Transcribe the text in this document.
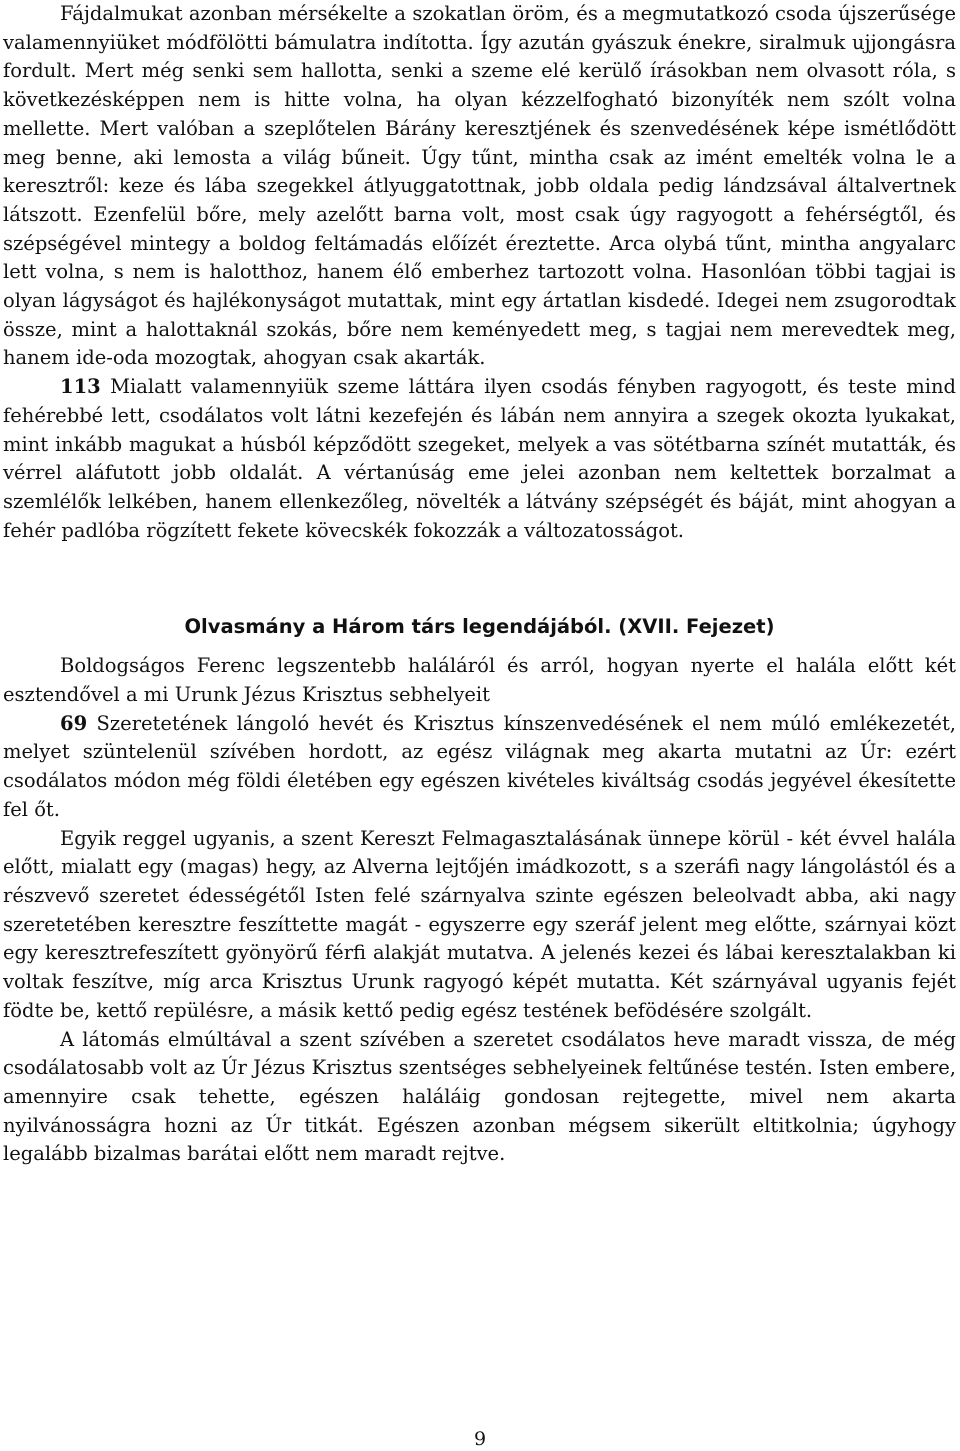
Fájdalmukat azonban mérsékelte a szokatlan öröm, és a megmutatkozó csoda újszerűsége valamennyiüket módfölötti bámulatra indította. Így azután gyászuk énekre, siralmuk ujjongásra fordult. Mert még senki sem hallotta, senki a szeme elé kerülő írásokban nem olvasott róla, s következésképpen nem is hitte volna, ha olyan kézzelfogható bizonyíték nem szólt volna mellette. Mert valóban a szeplőtelen Bárány keresztjének és szenvedésének képe ismétlődött meg benne, aki lemosta a világ bűneit. Úgy tűnt, mintha csak az imént emelték volna le a keresztről: keze és lába szegekkel átlyuggatottnak, jobb oldala pedig lándzsával általvertnek látszott. Ezenfelül bőre, mely azelőtt barna volt, most csak úgy ragyogott a fehérségtől, és szépségével mintegy a boldog feltámadás előízét éreztette. Arca olybá tűnt, mintha angyalarc lett volna, s nem is halotthoz, hanem élő emberhez tartozott volna. Hasonlóan többi tagjai is olyan lágyságot és hajlékonyságot mutattak, mint egy ártatlan kisdedé. Idegei nem zsugorodtak össze, mint a halottaknál szokás, bőre nem keményedett meg, s tagjai nem merevedtek meg, hanem ide-oda mozogtak, ahogyan csak akarták.

113 Mialatt valamennyiük szeme láttára ilyen csodás fényben ragyogott, és teste mind fehérebbé lett, csodálatos volt látni kezefején és lábán nem annyira a szegek okozta lyukakat, mint inkább magukat a húsból képződött szegeket, melyek a vas sötétbarna színét mutatták, és vérrel aláfutott jobb oldalát. A vértanúság eme jelei azonban nem keltettek borzalmat a szemlélők lelkében, hanem ellenkezőleg, növelték a látvány szépségét és báját, mint ahogyan a fehér padlóba rögzített fekete kövecskék fokozzák a változatosságot.

Olvasmány a Három társ legendájából. (XVII. Fejezet)

Boldogságos Ferenc legszentebb haláláról és arról, hogyan nyerte el halála előtt két esztendővel a mi Urunk Jézus Krisztus sebhelyeit

69 Szeretetének lángoló hevét és Krisztus kínszenvedésének el nem múló emlékezetét, melyet szüntelenül szívében hordott, az egész világnak meg akarta mutatni az Úr: ezért csodálatos módon még földi életében egy egészen kivételes kiváltság csodás jegyével ékesítette fel őt.

Egyik reggel ugyanis, a szent Kereszt Felmagasztalásának ünnepe körül - két évvel halála előtt, mialatt egy (magas) hegy, az Alverna lejtőjén imádkozott, s a szeráfi nagy lángolástól és a részvevő szeretet édességétől Isten felé szárnyalva szinte egészen beleolvadt abba, aki nagy szeretetében keresztre feszíttette magát - egyszerre egy szeráf jelent meg előtte, szárnyai közt egy keresztrefeszített gyönyörű férfi alakját mutatva. A jelenés kezei és lábai keresztalakban ki voltak feszítve, míg arca Krisztus Urunk ragyogó képét mutatta. Két szárnyával ugyanis fejét födte be, kettő repülésre, a másik kettő pedig egész testének befödésére szolgált.

A látomás elmúltával a szent szívében a szeretet csodálatos heve maradt vissza, de még csodálatosabb volt az Úr Jézus Krisztus szentséges sebhelyeinek feltűnése testén. Isten embere, amennyire csak tehette, egészen haláláig gondosan rejtegette, mivel nem akarta nyilvánosságra hozni az Úr titkát. Egészen azonban mégsem sikerült eltitkolnia; úgyhogy legalább bizalmas barátai előtt nem maradt rejtve.

9
